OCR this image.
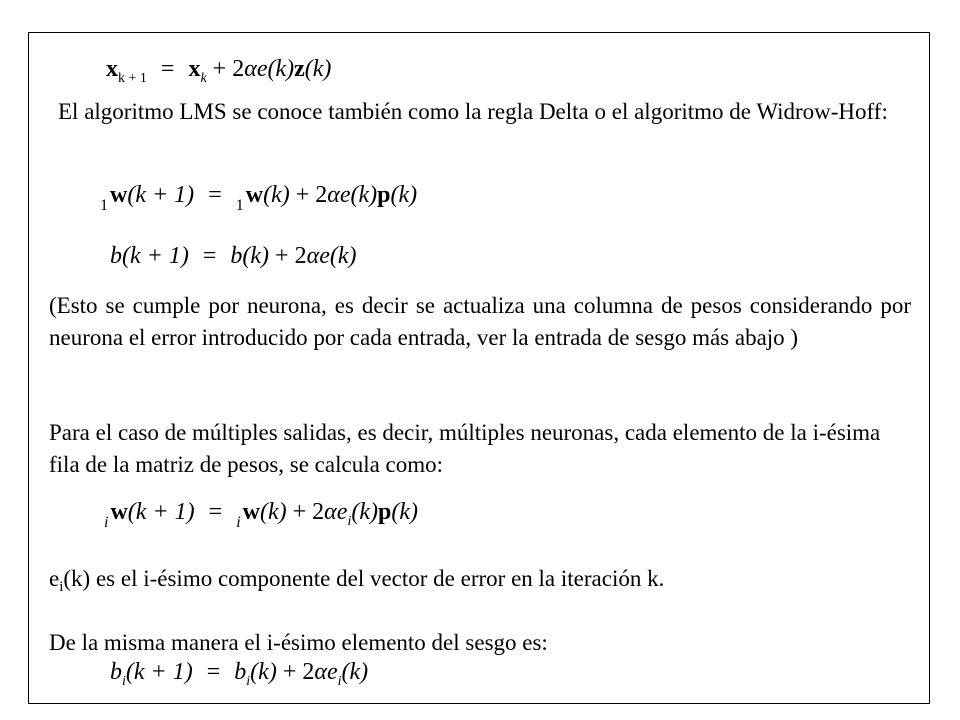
$x_{k + 1} = x_k + 2\alpha e(k)z(k)$
El algoritmo LMS se conoce también como la regla Delta o el algoritmo de Widrow-Hoff:
$_1$w(k + 1) = $_1$w(k) + 2αe(k)p(k)
b(k + 1) = b(k) + 2αe(k)
(Esto se cumple por neurona, es decir se actualiza una columna de pesos considerando por neurona el error introducido por cada entrada, ver la entrada de sesgo más abajo )
Para el caso de múltiples salidas, es decir, múltiples neuronas, cada elemento de la i-ésima fila de la matriz de pesos, se calcula como:
$_iw(k + 1) = _iw(k) + 2\alpha e_i(k)p(k)$
$e_i(k)$ es el i-ésimo componente del vector de error en la iteración k.
De la misma manera el i-ésimo elemento del sesgo es:
$b_i(k + 1) = b_i(k) + 2\alpha e_i(k)$
